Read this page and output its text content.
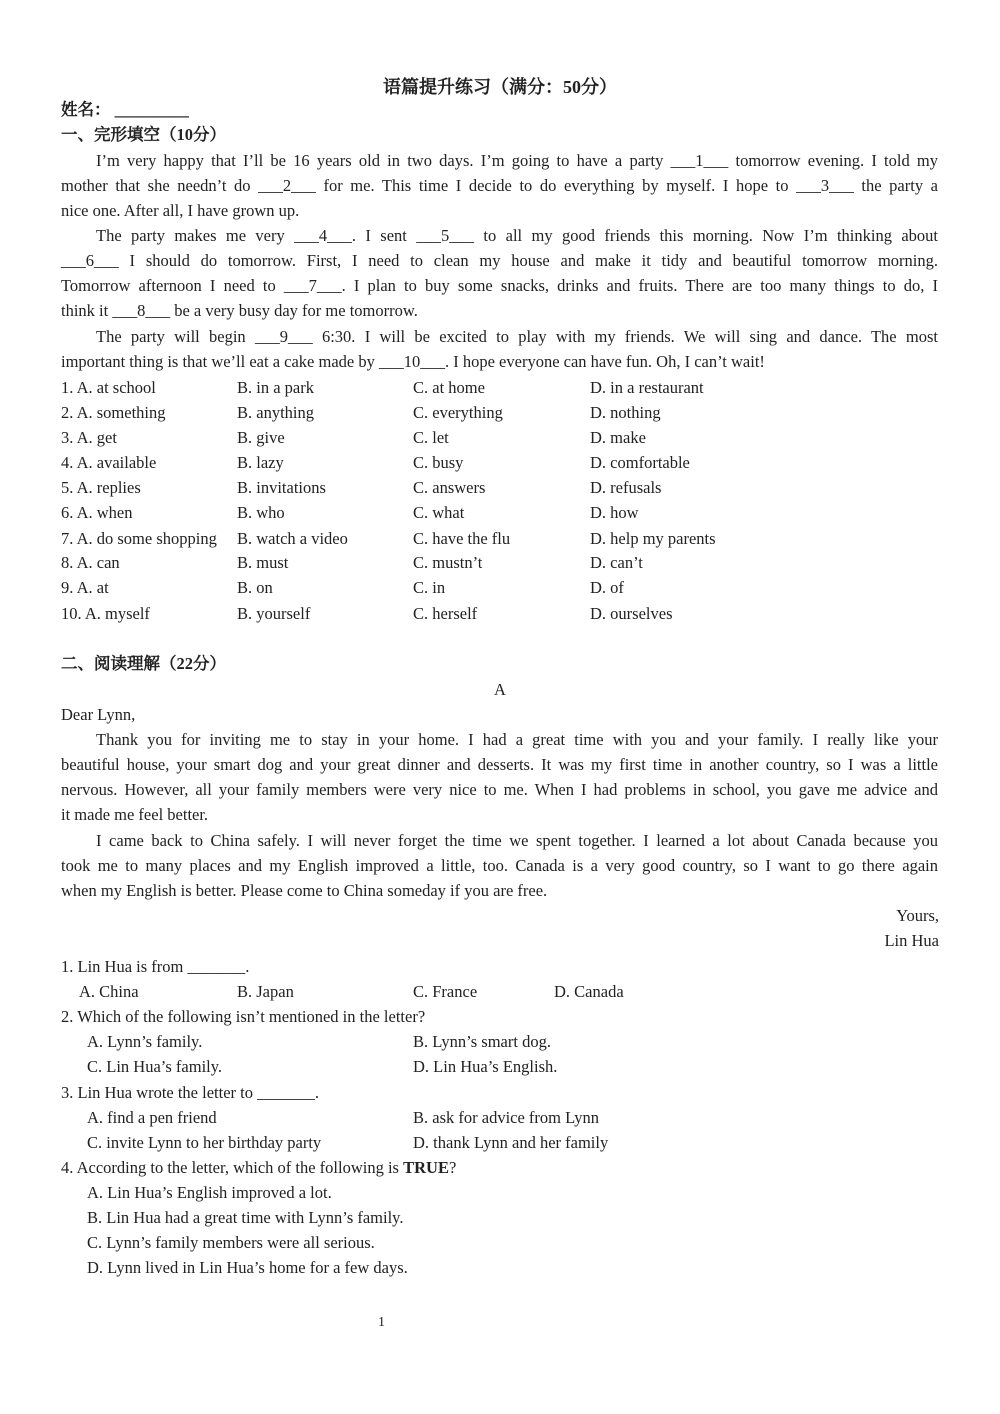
语篇提升练习（满分：50分）
姓名： _________
一、完形填空（10分）
I’m very happy that I’ll be 16 years old in two days. I’m going to have a party ___1___ tomorrow evening. I told my
mother that she needn’t do ___2___ for me. This time I decide to do everything by myself. I hope to ___3___ the party a
nice one. After all, I have grown up.
The party makes me very ___4___. I sent ___5___ to all my good friends this morning. Now I’m thinking about
___6___ I should do tomorrow. First, I need to clean my house and make it tidy and beautiful tomorrow morning.
Tomorrow afternoon I need to ___7___. I plan to buy some snacks, drinks and fruits. There are too many things to do, I
think it ___8___ be a very busy day for me tomorrow.
The party will begin ___9___ 6:30. I will be excited to play with my friends. We will sing and dance. The most
important thing is that we’ll eat a cake made by ___10___. I hope everyone can have fun. Oh, I can’t wait!
1. A. at school	B. in a park	C. at home	D. in a restaurant
2. A. something	B. anything	C. everything	D. nothing
3. A. get	B. give	C. let	D. make
4. A. available	B. lazy	C. busy	D. comfortable
5. A. replies	B. invitations	C. answers	D. refusals
6. A. when	B. who	C. what	D. how
7. A. do some shopping B. watch a video	C. have the flu	D. help my parents
8. A. can	B. must	C. mustn’t	D. can’t
9. A. at	B. on	C. in	D. of
10. A. myself	B. yourself	C. herself	D. ourselves
二、阅读理解（22分）
A
Dear Lynn,
Thank you for inviting me to stay in your home. I had a great time with you and your family. I really like your
beautiful house, your smart dog and your great dinner and desserts. It was my first time in another country, so I was a little
nervous. However, all your family members were very nice to me. When I had problems in school, you gave me advice and
it made me feel better.
I came back to China safely. I will never forget the time we spent together. I learned a lot about Canada because you
took me to many places and my English improved a little, too. Canada is a very good country, so I want to go there again
when my English is better. Please come to China someday if you are free.
Yours,
Lin Hua
1. Lin Hua is from _______.
A. China	B. Japan	C. France	D. Canada
2. Which of the following isn’t mentioned in the letter?
A. Lynn’s family.	B. Lynn’s smart dog.
C. Lin Hua’s family.	D. Lin Hua’s English.
3. Lin Hua wrote the letter to _______.
A. find a pen friend	B. ask for advice from Lynn
C. invite Lynn to her birthday party	D. thank Lynn and her family
4. According to the letter, which of the following is TRUE?
A. Lin Hua’s English improved a lot.
B. Lin Hua had a great time with Lynn’s family.
C. Lynn’s family members were all serious.
D. Lynn lived in Lin Hua’s home for a few days.
1
